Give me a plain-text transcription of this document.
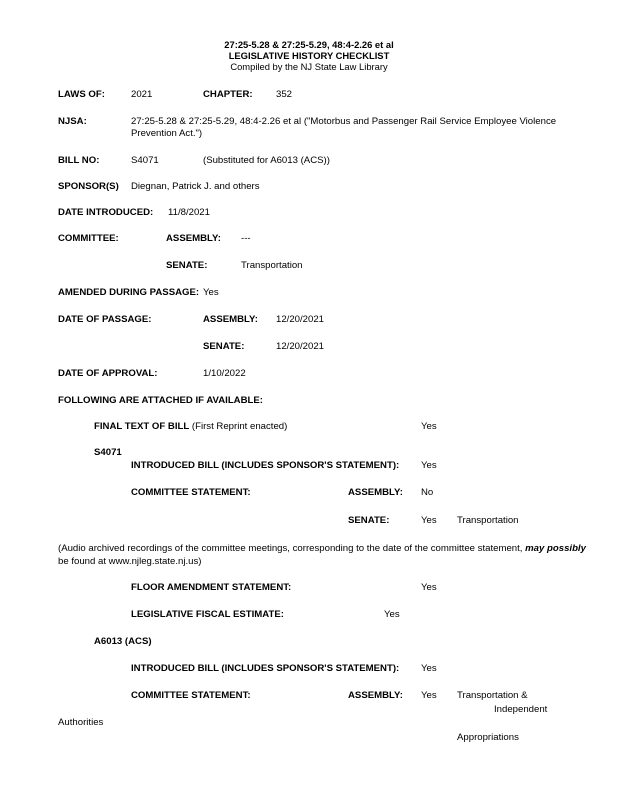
27:25-5.28 & 27:25-5.29, 48:4-2.26 et al
LEGISLATIVE HISTORY CHECKLIST
Compiled by the NJ State Law Library
LAWS OF:	2021	CHAPTER: 352
NJSA:	27:25-5.28 & 27:25-5.29, 48:4-2.26 et al ("Motorbus and Passenger Rail Service Employee Violence Prevention Act.")
BILL NO:	S4071	(Substituted for A6013 (ACS))
SPONSOR(S) Diegnan, Patrick J. and others
DATE INTRODUCED: 11/8/2021
COMMITTEE:	ASSEMBLY: ---
SENATE:	Transportation
AMENDED DURING PASSAGE: Yes
DATE OF PASSAGE:	ASSEMBLY: 12/20/2021
SENATE:	12/20/2021
DATE OF APPROVAL:	1/10/2022
FOLLOWING ARE ATTACHED IF AVAILABLE:
FINAL TEXT OF BILL (First Reprint enacted)	Yes
S4071
INTRODUCED BILL (INCLUDES SPONSOR'S STATEMENT): Yes
COMMITTEE STATEMENT:	ASSEMBLY: No
SENATE:	Yes Transportation
(Audio archived recordings of the committee meetings, corresponding to the date of the committee statement, may possibly be found at www.njleg.state.nj.us)
FLOOR AMENDMENT STATEMENT:	Yes
LEGISLATIVE FISCAL ESTIMATE:	Yes
A6013 (ACS)
INTRODUCED BILL (INCLUDES SPONSOR'S STATEMENT): Yes
COMMITTEE STATEMENT:	ASSEMBLY: Yes Transportation &
Independent
Authorities
Appropriations
